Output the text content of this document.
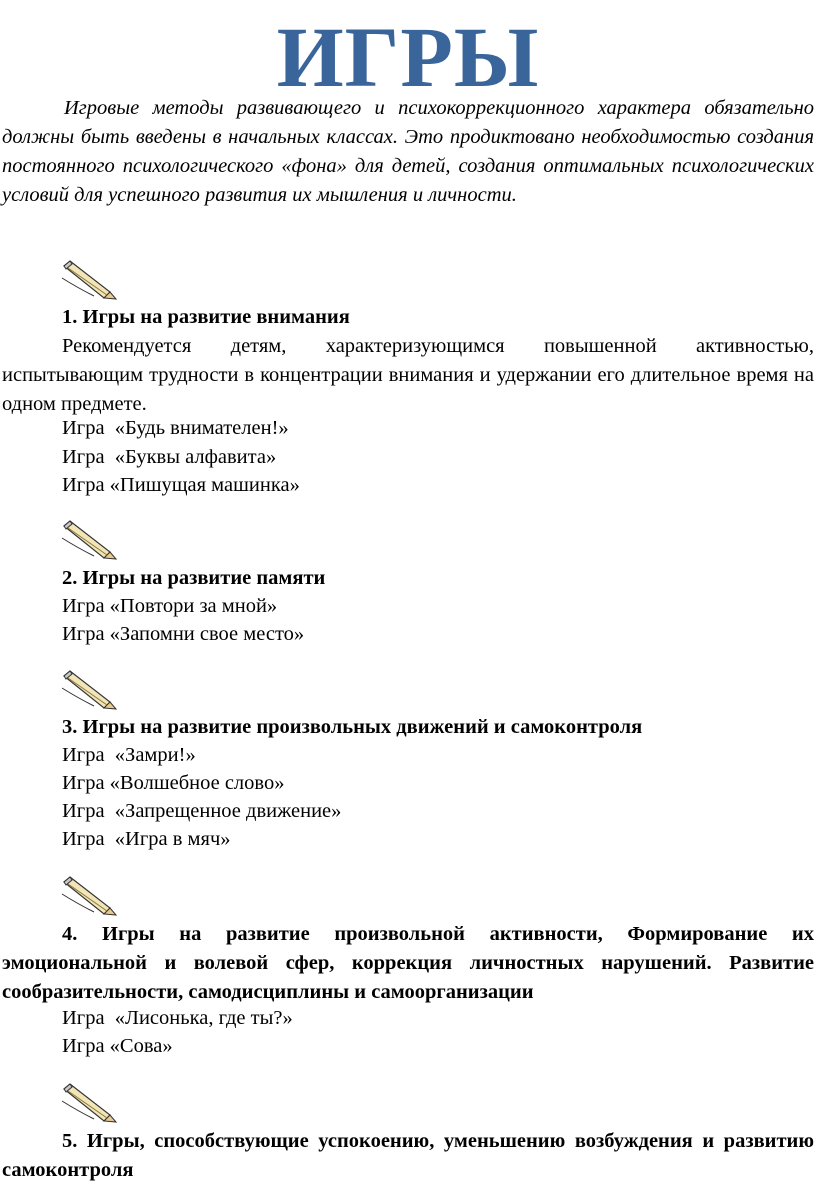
ИГРЫ

Игровые методы развивающего и психокоррекционного характера обязательно должны быть введены в начальных классах. Это продиктовано необходимостью создания постоянного психологического «фона» для детей, создания оптимальных психологических условий для успешного развития их мышления и личности.

1. Игры на развитие внимания
Рекомендуется детям, характеризующимся повышенной активностью, испытывающим трудности в концентрации внимания и удержании его длительное время на одном предмете.
Игра  «Будь внимателен!»
Игра  «Буквы алфавита»
Игра «Пишущая машинка»
2. Игры на развитие памяти
Игра «Повтори за мной»
Игра «Запомни свое место»
3. Игры на развитие произвольных движений и самоконтроля
Игра  «Замри!»
Игра «Волшебное слово»
Игра  «Запрещенное движение»
Игра  «Игра в мяч»
4. Игры на развитие произвольной активности, Формирование их эмоциональной и волевой сфер, коррекция личностных нарушений. Развитие сообразительности, самодисциплины и самоорганизации
Игра  «Лисонька, где ты?»
Игра «Сова»
5. Игры, способствующие успокоению, уменьшению возбуждения и развитию самоконтроля
